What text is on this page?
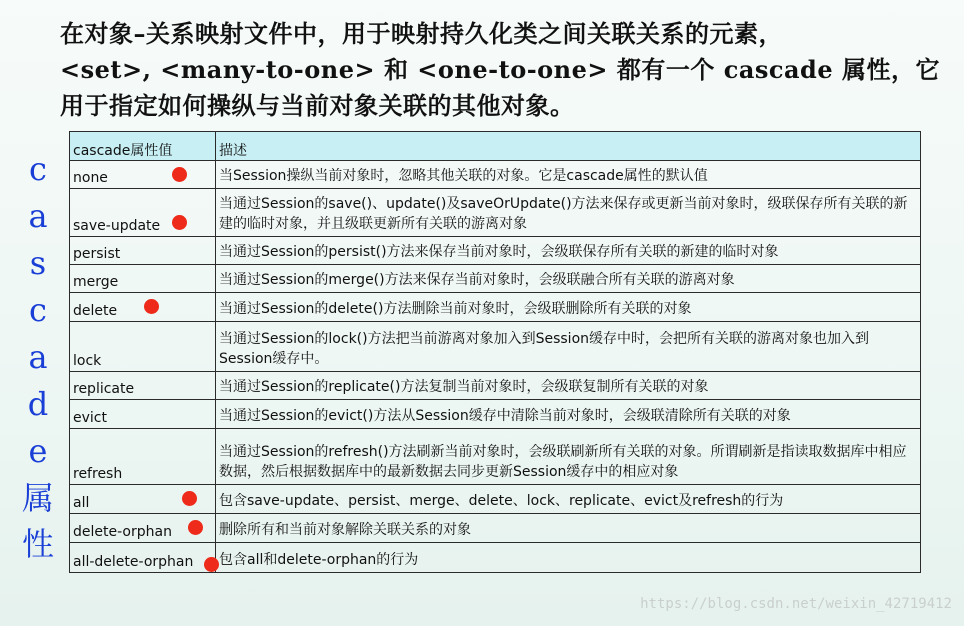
在对象–关系映射文件中，用于映射持久化类之间关联关系的元素，
<set>, <many-to-one> 和 <one-to-one> 都有一个 cascade 属性，它
用于指定如何操纵与当前对象关联的其他对象。
c
a
s
c
a
d
e
属
性
cascade属性值	描述
none	当Session操纵当前对象时，忽略其他关联的对象。它是cascade属性的默认值
save-update	当通过Session的save()、update()及saveOrUpdate()方法来保存或更新当前对象时，级联保存所有关联的新建的临时对象，并且级联更新所有关联的游离对象
persist	当通过Session的persist()方法来保存当前对象时，会级联保存所有关联的新建的临时对象
merge	当通过Session的merge()方法来保存当前对象时，会级联融合所有关联的游离对象
delete	当通过Session的delete()方法删除当前对象时，会级联删除所有关联的对象
lock	当通过Session的lock()方法把当前游离对象加入到Session缓存中时，会把所有关联的游离对象也加入到Session缓存中。
replicate	当通过Session的replicate()方法复制当前对象时，会级联复制所有关联的对象
evict	当通过Session的evict()方法从Session缓存中清除当前对象时，会级联清除所有关联的对象
refresh	当通过Session的refresh()方法刷新当前对象时，会级联刷新所有关联的对象。所谓刷新是指读取数据库中相应数据，然后根据数据库中的最新数据去同步更新Session缓存中的相应对象
all	包含save-update、persist、merge、delete、lock、replicate、evict及refresh的行为
delete-orphan	删除所有和当前对象解除关联关系的对象
all-delete-orphan	包含all和delete-orphan的行为
https://blog.csdn.net/weixin_42719412
